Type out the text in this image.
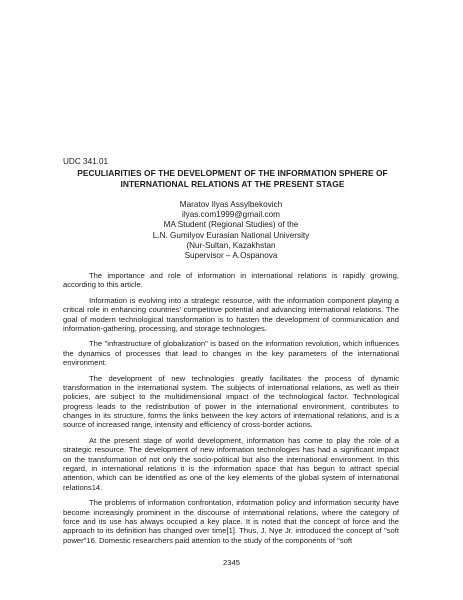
UDC 341.01
PECULIARITIES OF THE DEVELOPMENT OF THE INFORMATION SPHERE OF
INTERNATIONAL RELATIONS AT THE PRESENT STAGE
Maratov Ilyas Assylbekovich
ilyas.com1999@gmail.com
MA Student (Regional Studies) of the
L.N. Gumilyov Eurasian National University
(Nur-Sultan, Kazakhstan
Supervisor – A.Ospanova

The importance and role of information in international relations is rapidly growing, according to this article.

Information is evolving into a strategic resource, with the information component playing a critical role in enhancing countries' competitive potential and advancing international relations. The goal of modern technological transformation is to hasten the development of communication and information-gathering, processing, and storage technologies.

The "infrastructure of globalization" is based on the information revolution, which influences the dynamics of processes that lead to changes in the key parameters of the international environment.

The development of new technologies greatly facilitates the process of dynamic transformation in the international system. The subjects of international relations, as well as their policies, are subject to the multidimensional impact of the technological factor. Technological progress leads to the redistribution of power in the international environment, contributes to changes in its structure, forms the links between the key actors of international relations, and is a source of increased range, intensity and efficiency of cross-border actions.

At the present stage of world development, information has come to play the role of a strategic resource. The development of new information technologies has had a significant impact on the transformation of not only the socio-political but also the international environment. In this regard, in international relations it is the information space that has begun to attract special attention, which can be identified as one of the key elements of the global system of international relations14.

The problems of information confrontation, information policy and information security have become increasingly prominent in the discourse of international relations, where the category of force and its use has always occupied a key place. It is noted that the concept of force and the approach to its definition has changed over time[1]. Thus, J. Nye Jr. introduced the concept of "soft power"16. Domestic researchers paid attention to the study of the components of "soft

2345
